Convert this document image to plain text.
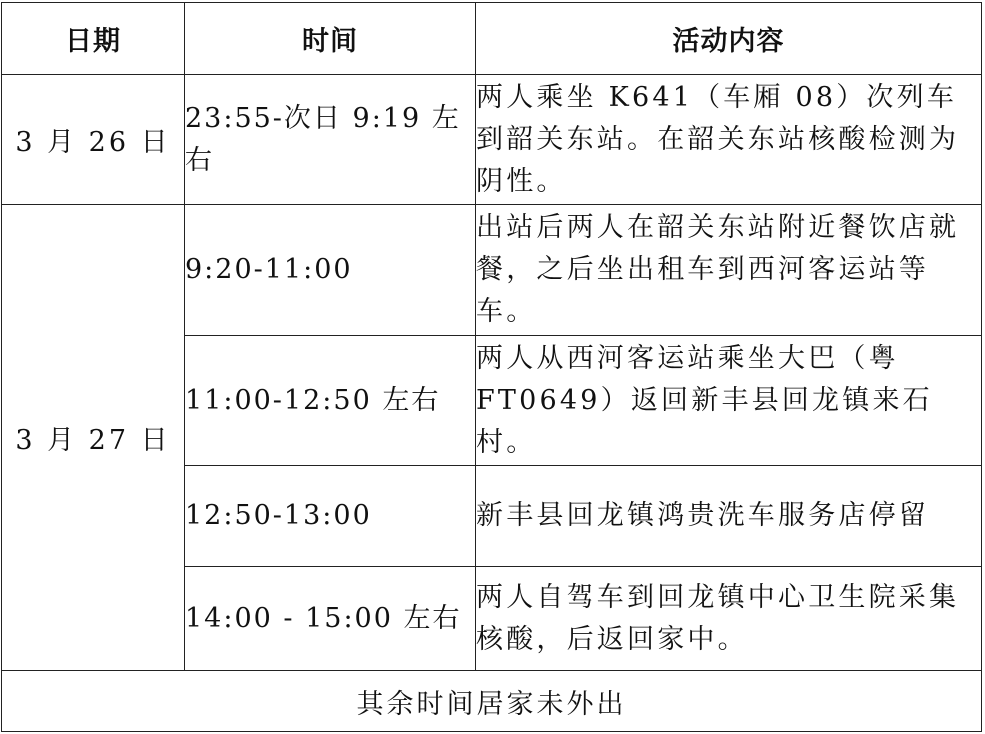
日期	时间	活动内容
3 月 26 日	23:55-次日 9:19 左右	两人乘坐 K641（车厢 08）次列车到韶关东站。在韶关东站核酸检测为阴性。
3 月 27 日	9:20-11:00	出站后两人在韶关东站附近餐饮店就餐，之后坐出租车到西河客运站等车。
	11:00-12:50 左右	两人从西河客运站乘坐大巴（粤FT0649）返回新丰县回龙镇来石村。
	12:50-13:00	新丰县回龙镇鸿贵洗车服务店停留
	14:00 - 15:00 左右	两人自驾车到回龙镇中心卫生院采集核酸，后返回家中。
其余时间居家未外出		
